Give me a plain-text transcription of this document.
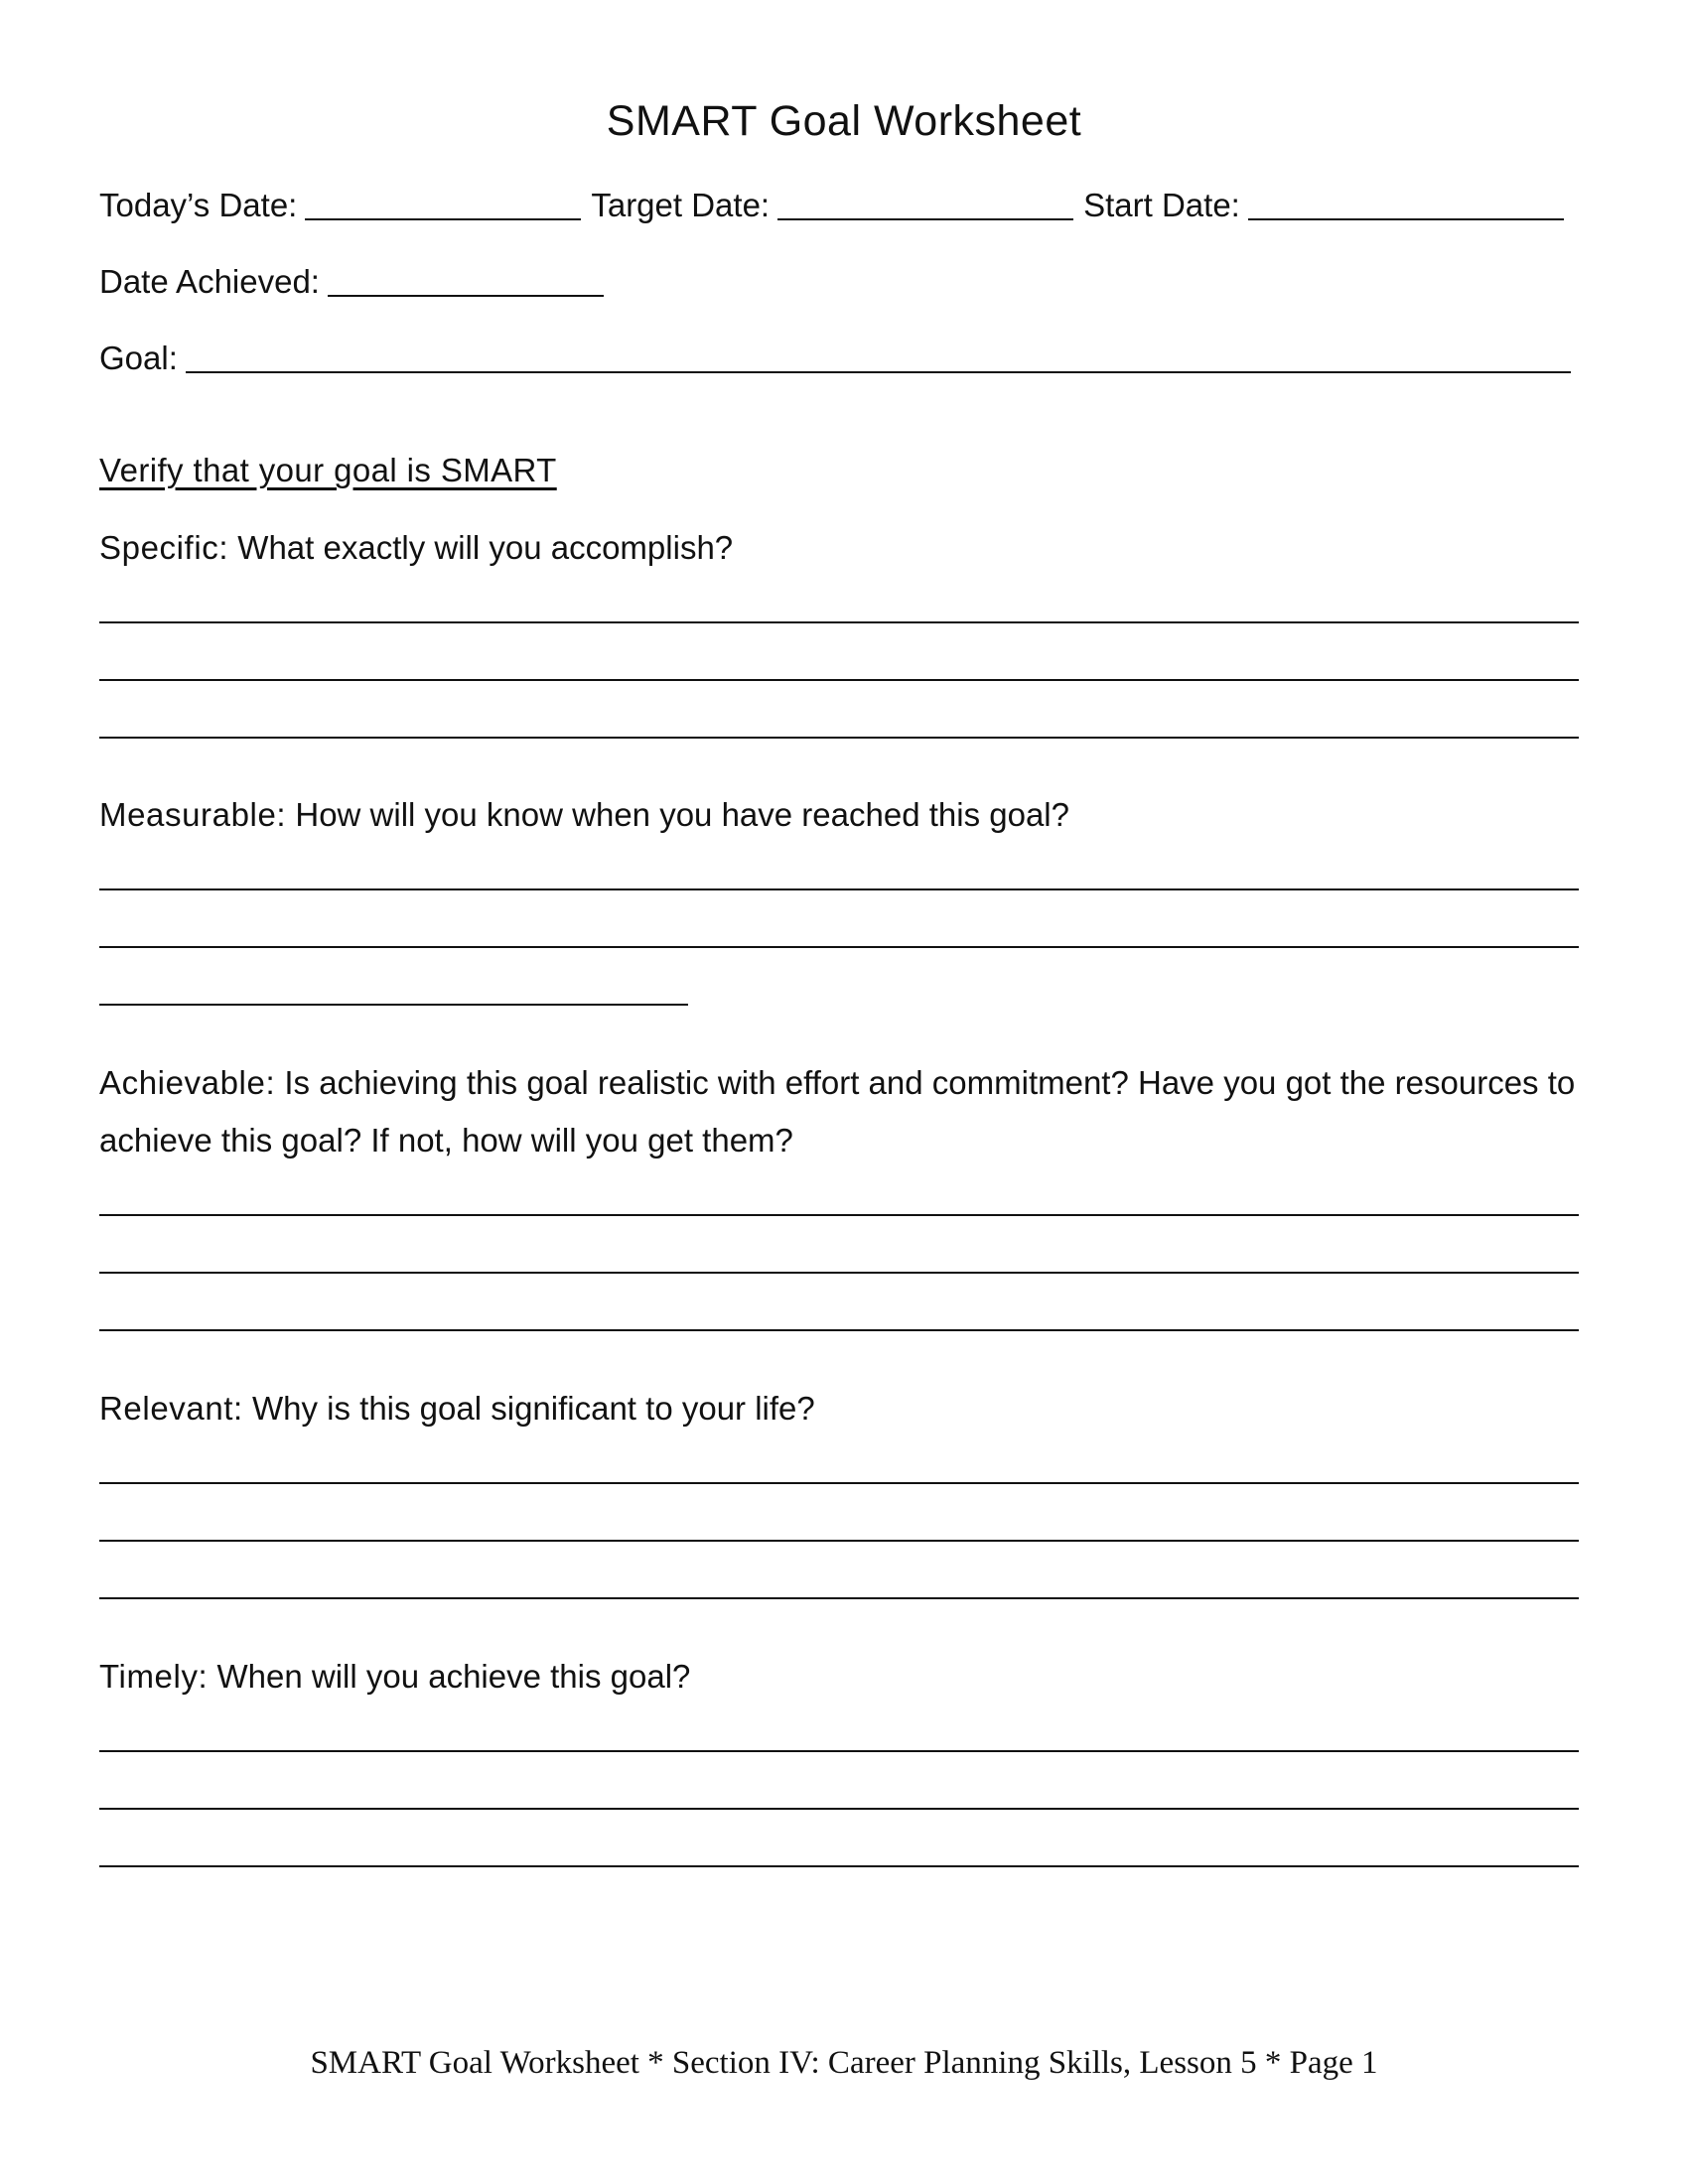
SMART Goal Worksheet
Today’s Date:	Target Date:	Start Date:
Date Achieved:
Goal:
Verify that your goal is SMART
Specific: What exactly will you accomplish?
Measurable: How will you know when you have reached this goal?
Achievable: Is achieving this goal realistic with effort and commitment? Have you got the resources to achieve this goal? If not, how will you get them?
Relevant: Why is this goal significant to your life?
Timely: When will you achieve this goal?
SMART Goal Worksheet * Section IV: Career Planning Skills, Lesson 5 * Page 1
